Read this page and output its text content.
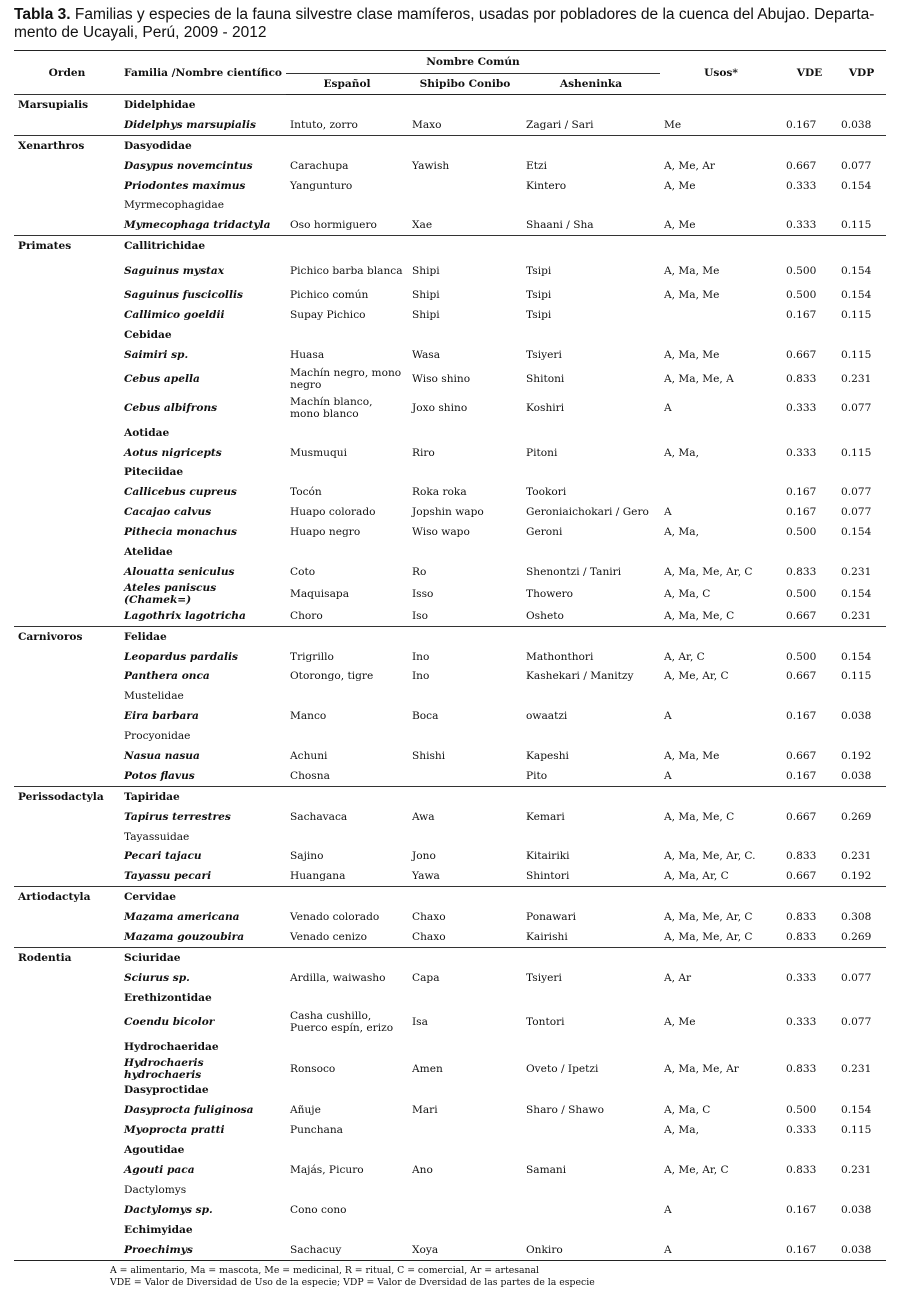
Tabla 3. Familias y especies de la fauna silvestre clase mamíferos, usadas por pobladores de la cuenca del Abujao. Departa-
mento de Ucayali, Perú, 2009 - 2012
Orden	Familia /Nombre científico	Nombre Común			Usos*	VDE	VDP
		Español	Shipibo Conibo	Asheninka			
Marsupialis	Didelphidae						
	Didelphys marsupialis	Intuto, zorro	Maxo	Zagari / Sari	Me	0.167	0.038
Xenarthros	Dasyodidae						
	Dasypus novemcintus	Carachupa	Yawish	Etzi	A, Me, Ar	0.667	0.077
	Priodontes maximus	Yangunturo		Kintero	A, Me	0.333	0.154
	Myrmecophagidae						
	Mymecophaga tridactyla	Oso hormiguero	Xae	Shaani / Sha	A, Me	0.333	0.115
Primates	Callitrichidae						
	Saguinus mystax	Pichico barba blanca	Shipi	Tsipi	A, Ma, Me	0.500	0.154
	Saguinus fuscicollis	Pichico común	Shipi	Tsipi	A, Ma, Me	0.500	0.154
	Callimico goeldii	Supay Pichico	Shipi	Tsipi		0.167	0.115
	Cebidae						
	Saimiri sp.	Huasa	Wasa	Tsiyeri	A, Ma, Me	0.667	0.115
	Cebus apella	Machín negro, mono negro	Wiso shino	Shitoni	A, Ma, Me, A	0.833	0.231
	Cebus albifrons	Machín blanco, mono blanco	Joxo shino	Koshiri	A	0.333	0.077
	Aotidae						
	Aotus nigricepts	Musmuqui	Riro	Pitoni	A, Ma,	0.333	0.115
	Piteciidae						
	Callicebus cupreus	Tocón	Roka roka	Tookori		0.167	0.077
	Cacajao calvus	Huapo colorado	Jopshin wapo	Geroniaichokari / Gero	A	0.167	0.077
	Pithecia monachus	Huapo negro	Wiso wapo	Geroni	A, Ma,	0.500	0.154
	Atelidae						
	Alouatta seniculus	Coto	Ro	Shenontzi / Taniri	A, Ma, Me, Ar, C	0.833	0.231
	Ateles paniscus (Chamek=)	Maquisapa	Isso	Thowero	A, Ma, C	0.500	0.154
	Lagothrix lagotricha	Choro	Iso	Osheto	A, Ma, Me, C	0.667	0.231
Carnivoros	Felidae						
	Leopardus pardalis	Trigrillo	Ino	Mathonthori	A, Ar, C	0.500	0.154
	Panthera onca	Otorongo, tigre	Ino	Kashekari / Manitzy	A, Me, Ar, C	0.667	0.115
	Mustelidae						
	Eira barbara	Manco	Boca	owaatzi	A	0.167	0.038
	Procyonidae						
	Nasua nasua	Achuni	Shishi	Kapeshi	A, Ma, Me	0.667	0.192
	Potos flavus	Chosna		Pito	A	0.167	0.038
Perissodactyla	Tapiridae						
	Tapirus terrestres	Sachavaca	Awa	Kemari	A, Ma, Me, C	0.667	0.269
	Tayassuidae						
	Pecari tajacu	Sajino	Jono	Kitairiki	A, Ma, Me, Ar, C.	0.833	0.231
	Tayassu pecari	Huangana	Yawa	Shintori	A, Ma, Ar, C	0.667	0.192
Artiodactyla	Cervidae						
	Mazama americana	Venado colorado	Chaxo	Ponawari	A, Ma, Me, Ar, C	0.833	0.308
	Mazama gouzoubira	Venado cenizo	Chaxo	Kairishi	A, Ma, Me, Ar, C	0.833	0.269
Rodentia	Sciuridae						
	Sciurus sp.	Ardilla, waiwasho	Capa	Tsiyeri	A, Ar	0.333	0.077
	Erethizontidae						
	Coendu bicolor	Casha cushillo, Puerco espín, erizo	Isa	Tontori	A, Me	0.333	0.077
	Hydrochaeridae						
	Hydrochaeris hydrochaeris	Ronsoco	Amen	Oveto / Ipetzi	A, Ma, Me, Ar	0.833	0.231
	Dasyproctidae						
	Dasyprocta fuliginosa	Añuje	Mari	Sharo / Shawo	A, Ma, C	0.500	0.154
	Myoprocta pratti	Punchana			A, Ma,	0.333	0.115
	Agoutidae						
	Agouti paca	Majás, Picuro	Ano	Samani	A, Me, Ar, C	0.833	0.231
	Dactylomys						
	Dactylomys sp.	Cono cono			A	0.167	0.038
	Echimyidae						
	Proechimys	Sachacuy	Xoya	Onkiro	A	0.167	0.038
A = alimentario, Ma = mascota, Me = medicinal, R = ritual, C = comercial, Ar = artesanal
VDE = Valor de Diversidad de Uso de la especie; VDP = Valor de Dversidad de las partes de la especie
